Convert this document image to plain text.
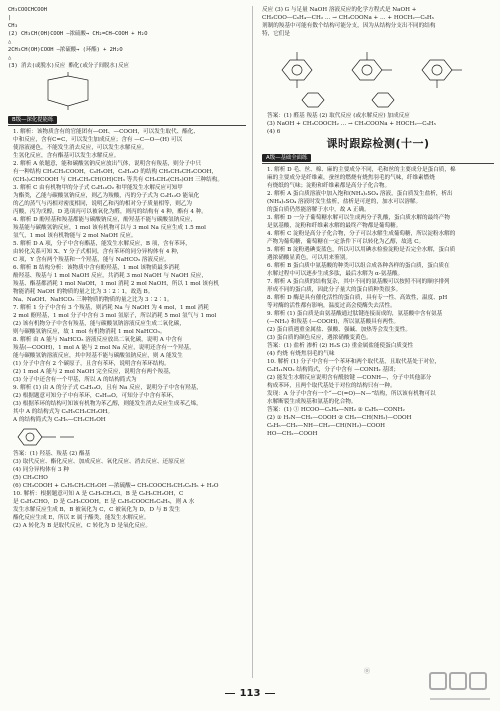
CH₃COOCHCOOH
|
CH₃
(2) CH₃CH(OH)COOH —浓硫酸→ CH₂=CH—COOH + H₂O
△
2CH₃CH(OH)COOH —浓硫酸→ (环酯) + 2H₂O
△
(3) 消去(或脱水)反应 酯化(或分子间脱水)反应
B级—深化提能练
1. 解析：该物质含有的官能团有—OH、—COOH，可以发生取代、酯化、
中和反应，含有C=C，可以发生加成反应；含有 —C—O—(H) 可以
使溶液褪色，不能发生消去反应，可以发生水解反应。
生氢化反应，含有酯基可以发生水解反应。
2. 解析 A 依题意，能和碳酸氢钠反应放出气体，说明含有羧基，则分子中只
有一种结构 CH₃CH₂COOH，C₆H₅OH，C₈H₁₀O 的结构 CH₃CH₂CH₂COOH，
(CH₃)₂CHCOOH 与 CH₃CH₂CH(OH)CH₃ 等共有 CH₃CH₂(CH₃)OH 三种结构。
3. 解析 C 由有机物甲的分子式 C₉H₁₀O₂ 和甲能发生水解反应可知甲
为酯类，乙能与碳酸氢钠反应，则乙为羧酸，丙的分子式为 C₉H₁₂O 能氧化
的乙的蒸气与丙相对密度相同，说明乙和丙的相对分子质量相等，则乙为
丙酸，丙为戊醇。D 选项丙可以被氧化为醛，则丙的结构有 4 种，酯有 4 种。
4. 解析 D 酚羟基和羧基都能与碳酸钠反应，酚羟基不能与碳酸氢钠反应，
羧基能与碳酸氢钠反应，1 mol 该有机物可以与 3 mol Na 反应生成 1.5 mol
氢气，1 mol 该有机物能与 2 mol NaOH 反应。
5. 解析 D A 项，分子中含有酯基，能发生水解反应，B 项，含有苯环，
由转化关系可知 X、Y 分子式相同，含有苯环的同分异构体有 4 种，
C 项，Y 含有两个羧基和一个羟基，能与 NaHCO₃ 溶液反应。
6. 解析 B 结构分析：该物质中含有酚羟基，1 mol 该物质最多消耗
酚羟基、羧基与 1 mol NaOH 反应，共消耗 3 mol NaOH 与 NaOH 反应，
羧基、酯基都消耗 1 mol NaOH，1 mol 消耗 2 mol NaOH，所以 1 mol 该有机
物能消耗 NaOH 的物质的量之比为 3∶2∶1，故选 B。
Na、NaOH、NaHCO₃ 三种物质的物质的量之比为 3∶2∶1。
7. 解析 1 分子中含有 3 个羧基，则消耗 Na 与 NaOH 为 4 mol，1 mol 消耗
2 mol 酚羟基，1 mol 分子中含有 3 mol 氢原子，所以消耗 5 mol 氢气与 1 mol
(2) 该有机物分子中含有羧基，能与碳酸氢钠溶液反应生成二氧化碳，
则与碳酸氢钠反应，故 1 mol 有机物消耗 1 mol NaHCO₃。
8. 解析 由 A 能与 NaHCO₃ 溶液反应放出二氧化碳，说明 A 中含有
羧基(—COOH)，1 mol A 能与 2 mol Na 反应，说明还含有一个羟基，
能与碳酸氢钠溶液反应，其中羟基不能与碳酸氢钠反应，则 A 能发生
(1) 分子中含有 2 个碳原子，且含有苯环，说明含有苯环结构。
(2) 1 mol A 能与 2 mol NaOH 完全反应，说明含有两个羧基，
(3) 分子中还含有一个甲基，所以 A 的结构简式为
9. 解析 (1) 由 A 的分子式 C₈H₁₀O，且有 Na 反应，说明分子中含有羟基，
(2) 根据题意可知分子中有苯环，C₈H₁₀O，可知分子中含有苯环，
(3) 根据苯环的结构可知该有机物为苯乙醇，则能发生消去反应生成苯乙烯，
其中 A 的结构式为 C₆H₅CH₂CH₂OH。
A 的结构简式为 C₆H₅—CH₂CH₂OH
答案：(1) 羟基、羧基 (2) 酯基
(3) 取代反应、酯化反应、加成反应、氧化反应、消去反应、还原反应
(4) 同分异构体有 3 种
(5) CH₃CHO
(6) CH₃COOH + C₆H₅CH₂CH₂OH —浓硫酸→ CH₃COOCH₂CH₂C₆H₅ + H₂O
10. 解析：根据题意可知 A 是 C₆H₅CH₂Cl，B 是 C₆H₅CH₂OH，C
是 C₆H₅CHO，D 是 C₆H₅COOH，E 是 C₆H₅COOCH₂C₆H₅，则 A 水
发生水解反应生成 B，B 被氧化为 C，C 被氧化为 D，D 与 B 发生
酯化反应生成 E，所以 E 属于酯类，能发生水解反应。
(2) A 转化为 B 是取代反应，C 转化为 D 是氧化反应。
反应 (3) G 与足量 NaOH 溶液反应的化学方程式是 NaOH +
CH₃COO—C₆H₄—CH₂ … → CH₃COONa + … + HOCH₂—C₆H₅
剂制的羧基中可能有数个结构可能分支，因为从结构分支出不同的结构
特，它们是
答案：(1) 醛基 羧基 (2) 取代反应 (或水解反应) 加成反应
(3) NaOH + CH₃COOCH₂ … → CH₃COONa + HOCH₂—C₆H₅
(4) 6
课时跟踪检测(十一)
A级—基础全面练
1. 解析 D 毛、丝、棉、麻的主要成分不同，毛和丝的主要成分是蛋白质，棉
麻的主要成分是纤维素，蚕丝的燃烧有烧焦羽毛的气味，纤维素燃烧
有烧纸的气味；淀粉和纤维素都是高分子化合物。
2. 解析 A 蛋白质溶液中加入饱和(NH₄)₂SO₄ 溶液，蛋白质发生盐析，析出
(NH₄)₂SO₄ 溶液时发生盐析，盐析是可逆的，加水可以溶解。
的蛋白质仍然能溶解于水中，故 A 正确。
3. 解析 D 一分子葡萄糖水解可以生成两分子乳酸，蛋白质水解的最终产物
是氨基酸，淀粉和纤维素水解的最终产物都是葡萄糖。
4. 解析 C 淀粉是高分子化合物，分子可以水解生成葡萄糖，所以淀粉水解的
产物为葡萄糖，葡萄糖在一定条件下可以转化为乙醇，故选 C。
5. 解析 B 淀粉遇碘变蓝色，所以可以用碘水检验淀粉是否完全水解，蛋白质
遇浓硝酸显黄色，可以用来鉴别。
6. 解析 B 蛋白质中氨基酸的种类可以组合成各种各样的蛋白质，蛋白质在
水解过程中可以逐步生成多肽，最后水解为 α-氨基酸。
7. 解析 A 蛋白质的结构复杂，其中不同的氨基酸可以按照不同的顺序排列
形成不同的蛋白质，因此分子量大的蛋白质种类很多。
8. 解析 D 酶是具有催化活性的蛋白质，具有专一性、高效性，温度、pH
等对酶的活性都有影响，温度过高会使酶失去活性。
9. 解析 (1) 蛋白质是由氨基酸通过肽键连接而成的，氨基酸中含有氨基
(—NH₂) 和羧基 (—COOH)，所以氨基酸具有两性。
(2) 蛋白质遇重金属盐、强酸、强碱、加热等会发生变性。
(3) 蛋白质的颜色反应，遇浓硝酸变黄色。
答案：(1) 盐析 渗析 (2) H₂S (3) 重金属盐能使蛋白质变性
(4) 灼烧 有烧焦羽毛的气味
10. 解析 (1) 分子中含有一个苯环和两个取代基，且取代基处于对位，
C₉H₁₁NO₂ 结构简式，分子中含有 —CONH₂ 基团；
(2) 能发生水解反应说明含有酰胺键 —CONH—，分子中其他部分
构成苯环，且两个取代基处于对位的结构只有一种。
发现：A 分子中含有一个“—C(=O)—N—”结构，所以该有机物可以
水解断裂生成羧基和氨基的化合物。
答案：(1) ① HCOO—C₆H₄—NH₂ ② C₆H₅—CONH₂
(2) ① H₂N—CH₂—COOH ② CH₃—CH(NH₂)—COOH
C₆H₅—CH₂—NH—CH₂—CH(NH₂)—COOH
HO—CH₂—COOH
⓪
113
